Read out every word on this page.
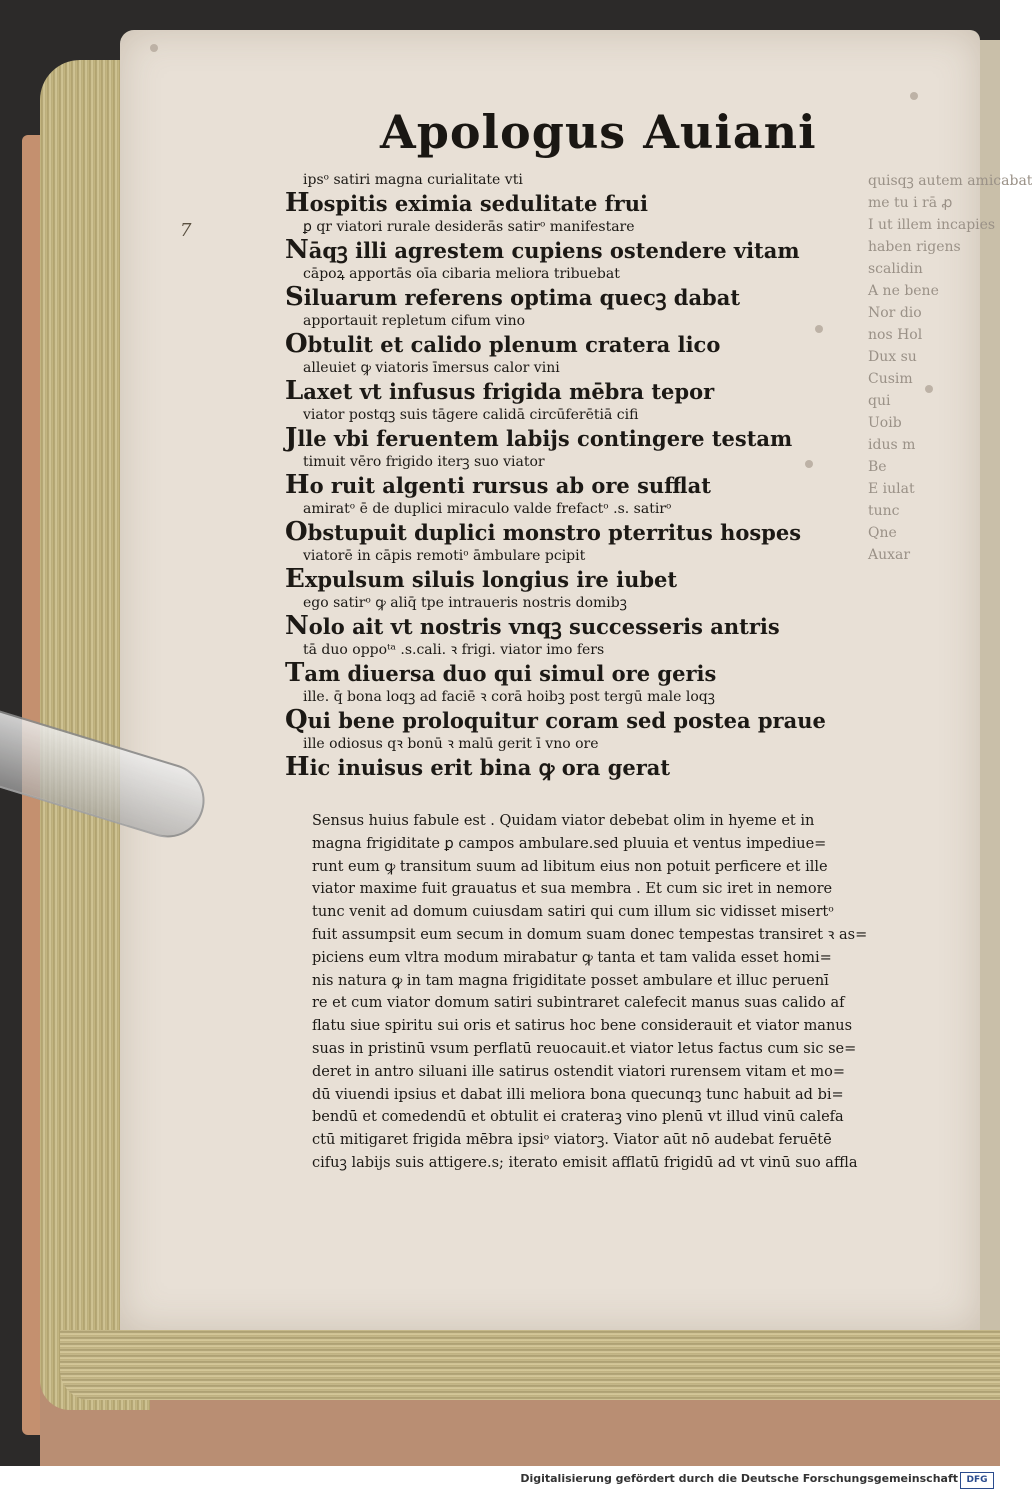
7
quisqꝫ autem amicabat
me tu i rā ꝓ
I ut illem incapies
haben rigens
scalidin
A ne bene
Nor dio
nos Hol
Dux su
Cusim
qui
Uoib
idus m
Be
E iulat
tunc
Qne
Auxar
Apologus Auiani
ipsᵒ satiri magna curialitate vti
Hospitis eximia sedulitate frui
ꝑ qr viatori rurale desiderās satirᵒ manifestare
Nāqꝫ illi agrestem cupiens ostendere vitam
cāpoꝝ apportās oīa cibaria meliora tribuebat
Siluarum referens optima quecꝫ dabat
apportauit repletum cifum vino
Obtulit et calido plenum cratera lico
alleuiet ꝙ viatoris īmersus calor vini
Laxet vt infusus frigida mēbra tepor
viator postqꝫ suis tāgere calidā circūferētiā cifi
Jlle vbi feruentem labijs contingere testam
timuit vēro frigido iterꝫ suo viator
Ho ruit algenti rursus ab ore sufflat
amiratᵒ ē de duplici miraculo valde frefactᵒ .s. satirᵒ
Obstupuit duplici monstro pterritus hospes
viatorē in cāpis remotiᵒ āmbulare pcipit
Expulsum siluis longius ire iubet
ego satirᵒ ꝙ aliq̄ tpe intraueris nostris domibꝫ
Nolo ait vt nostris vnqꝫ successeris antris
tā duo oppoᵗᵃ .s.cali. ꝛ frigi. viator imo fers
Tam diuersa duo qui simul ore geris
ille. q̄ bona loqꝫ ad faciē ꝛ corā hoibꝫ post tergū male loqꝫ
Qui bene proloquitur coram sed postea praue
ille odiosus qꝛ bonū ꝛ malū gerit ī vno ore
Hic inuisus erit bina ꝙ ora gerat
Sensus huius fabule est . Quidam viator debebat olim in hyeme et in
magna frigiditate ꝑ campos ambulare.sed pluuia et ventus impediue=
runt eum ꝙ transitum suum ad libitum eius non potuit perficere et ille
viator maxime fuit grauatus et sua membra . Et cum sic iret in nemore
tunc venit ad domum cuiusdam satiri qui cum illum sic vidisset misertᵒ
fuit assumpsit eum secum in domum suam donec tempestas transiret ꝛ as=
piciens eum vltra modum mirabatur ꝙ tanta et tam valida esset homi=
nis natura ꝙ in tam magna frigiditate posset ambulare et illuc peruenī
re et cum viator domum satiri subintraret calefecit manus suas calido af
flatu siue spiritu sui oris et satirus hoc bene considerauit et viator manus
suas in pristinū vsum perflatū reuocauit.et viator letus factus cum sic se=
deret in antro siluani ille satirus ostendit viatori rurensem vitam et mo=
dū viuendi ipsius et dabat illi meliora bona quecunqꝫ tunc habuit ad bi=
bendū et comedendū et obtulit ei crateraꝫ vino plenū vt illud vinū calefa
ctū mitigaret frigida mēbra ipsiᵒ viatorꝫ. Viator aūt nō audebat feruētē
cifuꝫ labijs suis attigere.s; iterato emisit afflatū frigidū ad vt vinū suo affla
Digitalisierung gefördert durch die Deutsche Forschungsgemeinschaft DFG
